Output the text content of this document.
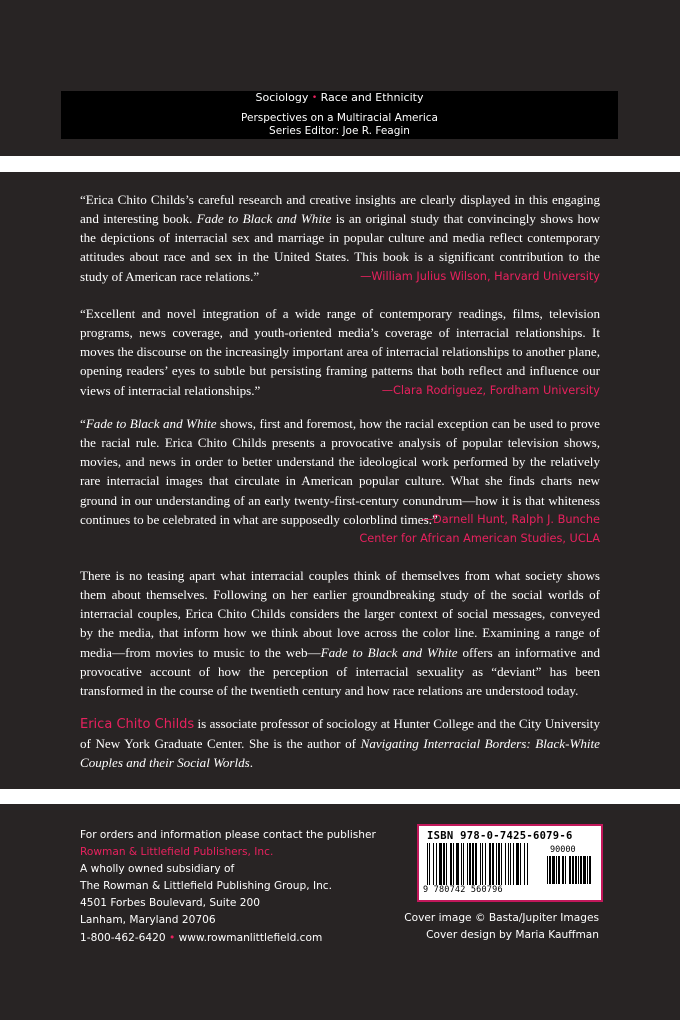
Sociology • Race and Ethnicity
Perspectives on a Multiracial America
Series Editor: Joe R. Feagin

“Erica Chito Childs’s careful research and creative insights are clearly displayed in this engaging and interesting book. Fade to Black and White is an original study that convincingly shows how the depictions of interracial sex and marriage in popular culture and media reflect contemporary attitudes about race and sex in the United States. This book is a significant contribution to the study of American race relations.”	—William Julius Wilson, Harvard University

“Excellent and novel integration of a wide range of contemporary readings, films, television programs, news coverage, and youth-oriented media’s coverage of interracial relationships. It moves the discourse on the increasingly important area of interracial relationships to another plane, opening readers’ eyes to subtle but persisting framing patterns that both reflect and influence our views of interracial relationships.”	—Clara Rodriguez, Fordham University

“Fade to Black and White shows, first and foremost, how the racial exception can be used to prove the racial rule. Erica Chito Childs presents a provocative analysis of popular television shows, movies, and news in order to better understand the ideological work performed by the relatively rare interracial images that circulate in American popular culture. What she finds charts new ground in our understanding of an early twenty-first-century conundrum—how it is that whiteness continues to be celebrated in what are supposedly colorblind times.”
—Darnell Hunt, Ralph J. Bunche
Center for African American Studies, UCLA

There is no teasing apart what interracial couples think of themselves from what society shows them about themselves. Following on her earlier groundbreaking study of the social worlds of interracial couples, Erica Chito Childs considers the larger context of social messages, conveyed by the media, that inform how we think about love across the color line. Examining a range of media—from movies to music to the web—Fade to Black and White offers an informative and provocative account of how the perception of interracial sexuality as “deviant” has been transformed in the course of the twentieth century and how race relations are understood today.

Erica Chito Childs is associate professor of sociology at Hunter College and the City University of New York Graduate Center. She is the author of Navigating Interracial Borders: Black-White Couples and their Social Worlds.

For orders and information please contact the publisher
Rowman & Littlefield Publishers, Inc.
A wholly owned subsidiary of
The Rowman & Littlefield Publishing Group, Inc.
4501 Forbes Boulevard, Suite 200
Lanham, Maryland 20706
1-800-462-6420 • www.rowmanlittlefield.com
ISBN 978-0-7425-6079-6
90000
9 780742 560796
Cover image © Basta/Jupiter Images
Cover design by Maria Kauffman
